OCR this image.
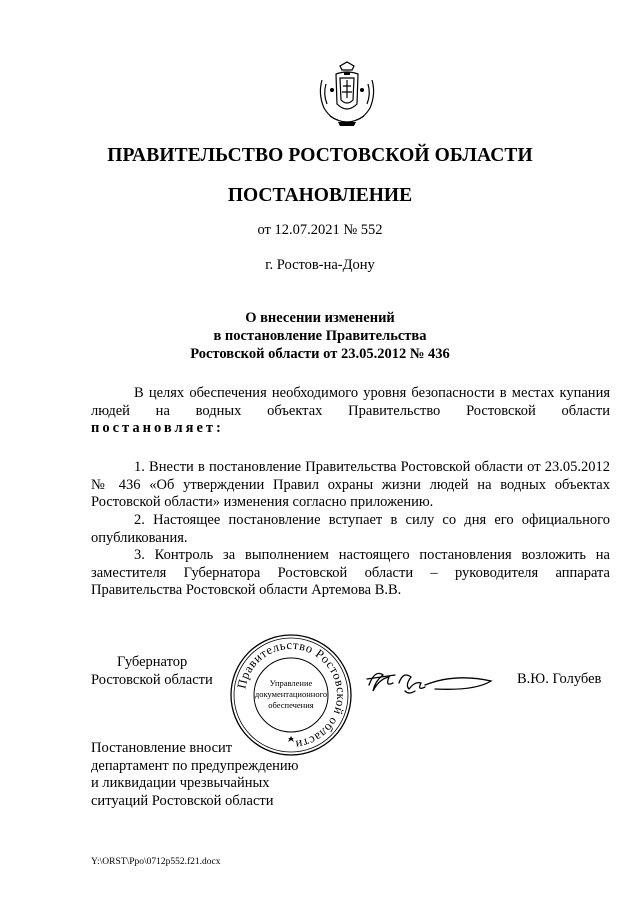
ПРАВИТЕЛЬСТВО РОСТОВСКОЙ ОБЛАСТИ
ПОСТАНОВЛЕНИЕ
от 12.07.2021 № 552
г. Ростов-на-Дону
О внесении изменений
в постановление Правительства
Ростовской области от 23.05.2012 № 436
В целях обеспечения необходимого уровня безопасности в местах купания людей на водных объектах Правительство Ростовской области постановляет:
1. Внести в постановление Правительства Ростовской области от 23.05.2012 № 436 «Об утверждении Правил охраны жизни людей на водных объектах Ростовской области» изменения согласно приложению.
2. Настоящее постановление вступает в силу со дня его официального опубликования.
3. Контроль за выполнением настоящего постановления возложить на заместителя Губернатора Ростовской области – руководителя аппарата Правительства Ростовской области Артемова В.В.
Губернатор
Ростовской области Правительство Ростовской области
Управление
документационного
обеспечения
В.Ю. Голубев
Постановление вносит
департамент по предупреждению
и ликвидации чрезвычайных
ситуаций Ростовской области
Y:\ORST\Ppo\0712p552.f21.docx
